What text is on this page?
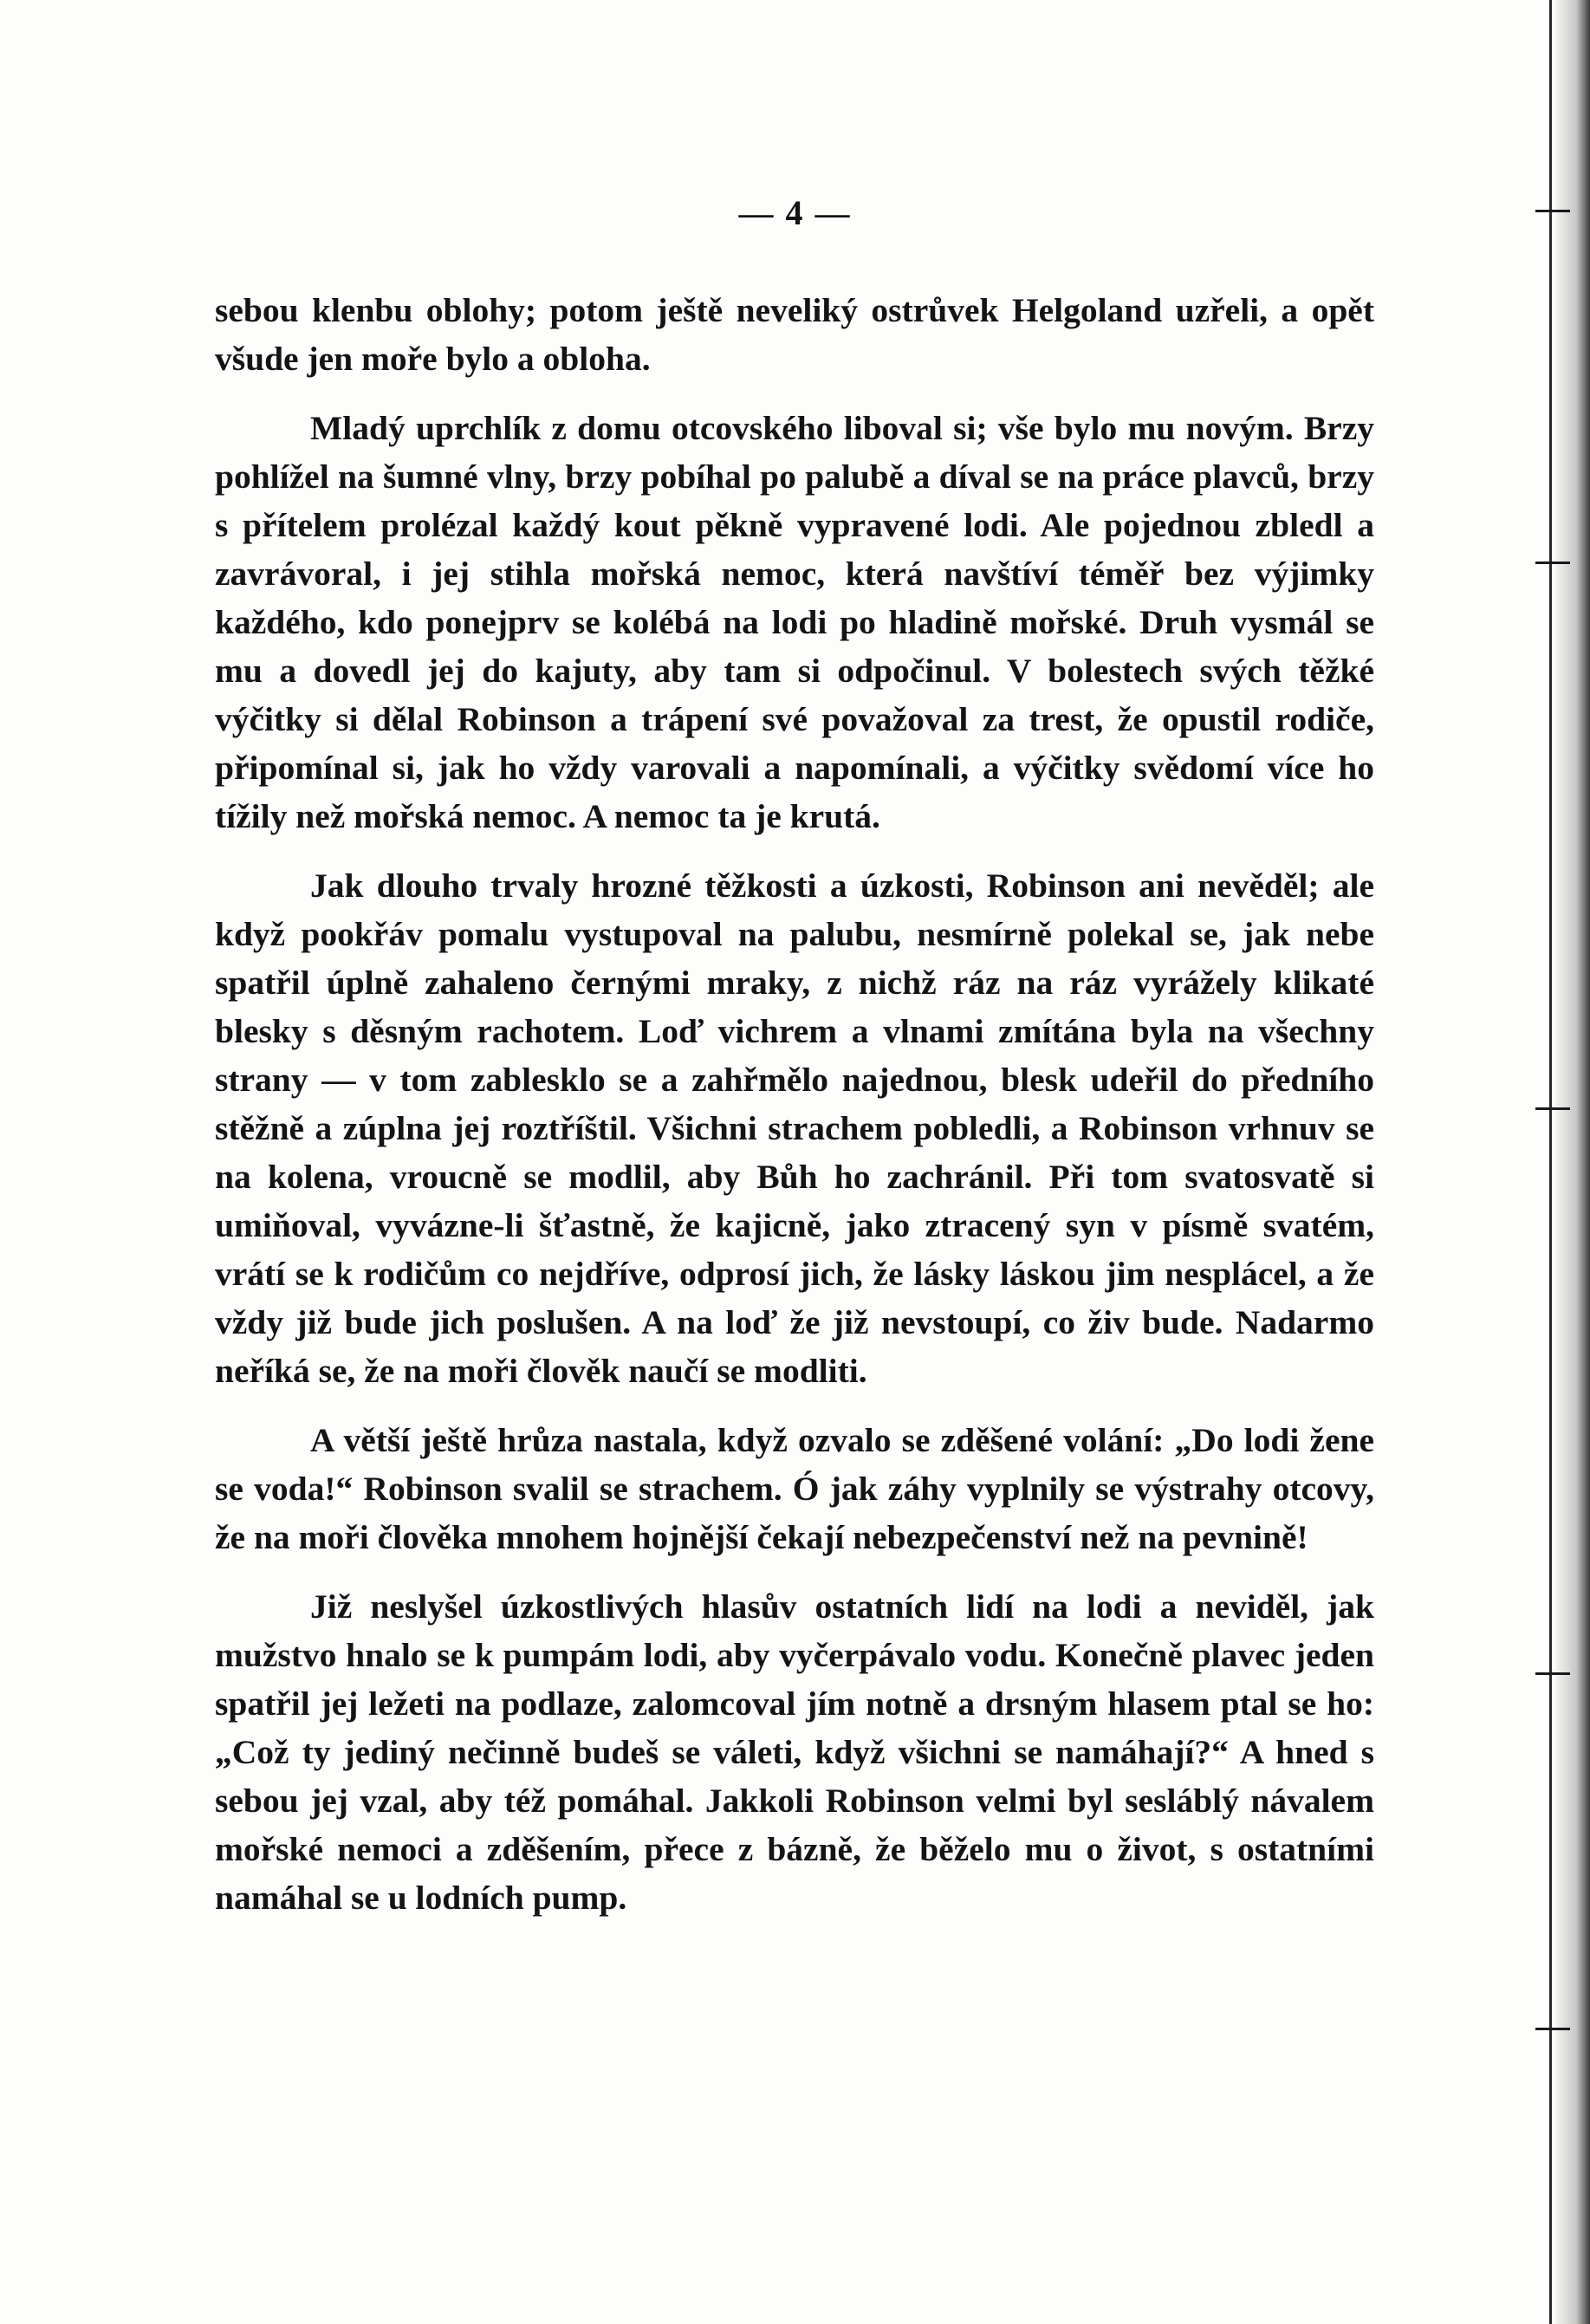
— 4 —

sebou klenbu oblohy; potom ještě neveliký ostrůvek Helgoland uzřeli, a opět všude jen moře bylo a obloha.

Mladý uprchlík z domu otcovského liboval si; vše bylo mu novým. Brzy pohlížel na šumné vlny, brzy pobíhal po palubě a díval se na práce plavců, brzy s přítelem prolézal každý kout pěkně vypravené lodi. Ale pojednou zbledl a zavrávoral, i jej stihla mořská nemoc, která navštíví téměř bez výjimky každého, kdo ponejprv se kolébá na lodi po hladině mořské. Druh vysmál se mu a dovedl jej do kajuty, aby tam si odpočinul. V bolestech svých těžké výčitky si dělal Robinson a trápení své považoval za trest, že opustil rodiče, připomínal si, jak ho vždy varovali a napomínali, a výčitky svědomí více ho tížily než mořská nemoc. A nemoc ta je krutá.

Jak dlouho trvaly hrozné těžkosti a úzkosti, Robinson ani nevěděl; ale když pookřáv pomalu vystupoval na palubu, nesmírně polekal se, jak nebe spatřil úplně zahaleno černými mraky, z nichž ráz na ráz vyrážely klikaté blesky s děsným rachotem. Loď vichrem a vlnami zmítána byla na všechny strany — v tom zablesklo se a zahřmělo najednou, blesk udeřil do předního stěžně a zúplna jej roztříštil. Všichni strachem pobledli, a Robinson vrhnuv se na kolena, vroucně se modlil, aby Bůh ho zachránil. Při tom svatosvatě si umiňoval, vyvázne-li šťastně, že kajicně, jako ztracený syn v písmě svatém, vrátí se k rodičům co nejdříve, odprosí jich, že lásky láskou jim nesplácel, a že vždy již bude jich poslušen. A na loď že již nevstoupí, co živ bude. Nadarmo neříká se, že na moři člověk naučí se modliti.

A větší ještě hrůza nastala, když ozvalo se zděšené volání: „Do lodi žene se voda!“ Robinson svalil se strachem. Ó jak záhy vyplnily se výstrahy otcovy, že na moři člověka mnohem hojnější čekají nebezpečenství než na pevnině!

Již neslyšel úzkostlivých hlasův ostatních lidí na lodi a neviděl, jak mužstvo hnalo se k pumpám lodi, aby vyčerpávalo vodu. Konečně plavec jeden spatřil jej ležeti na podlaze, zalomcoval jím notně a drsným hlasem ptal se ho: „Což ty jediný nečinně budeš se váleti, když všichni se namáhají?“ A hned s sebou jej vzal, aby též pomáhal. Jakkoli Robinson velmi byl sesláblý návalem mořské nemoci a zděšením, přece z bázně, že běželo mu o život, s ostatními namáhal se u lodních pump.
